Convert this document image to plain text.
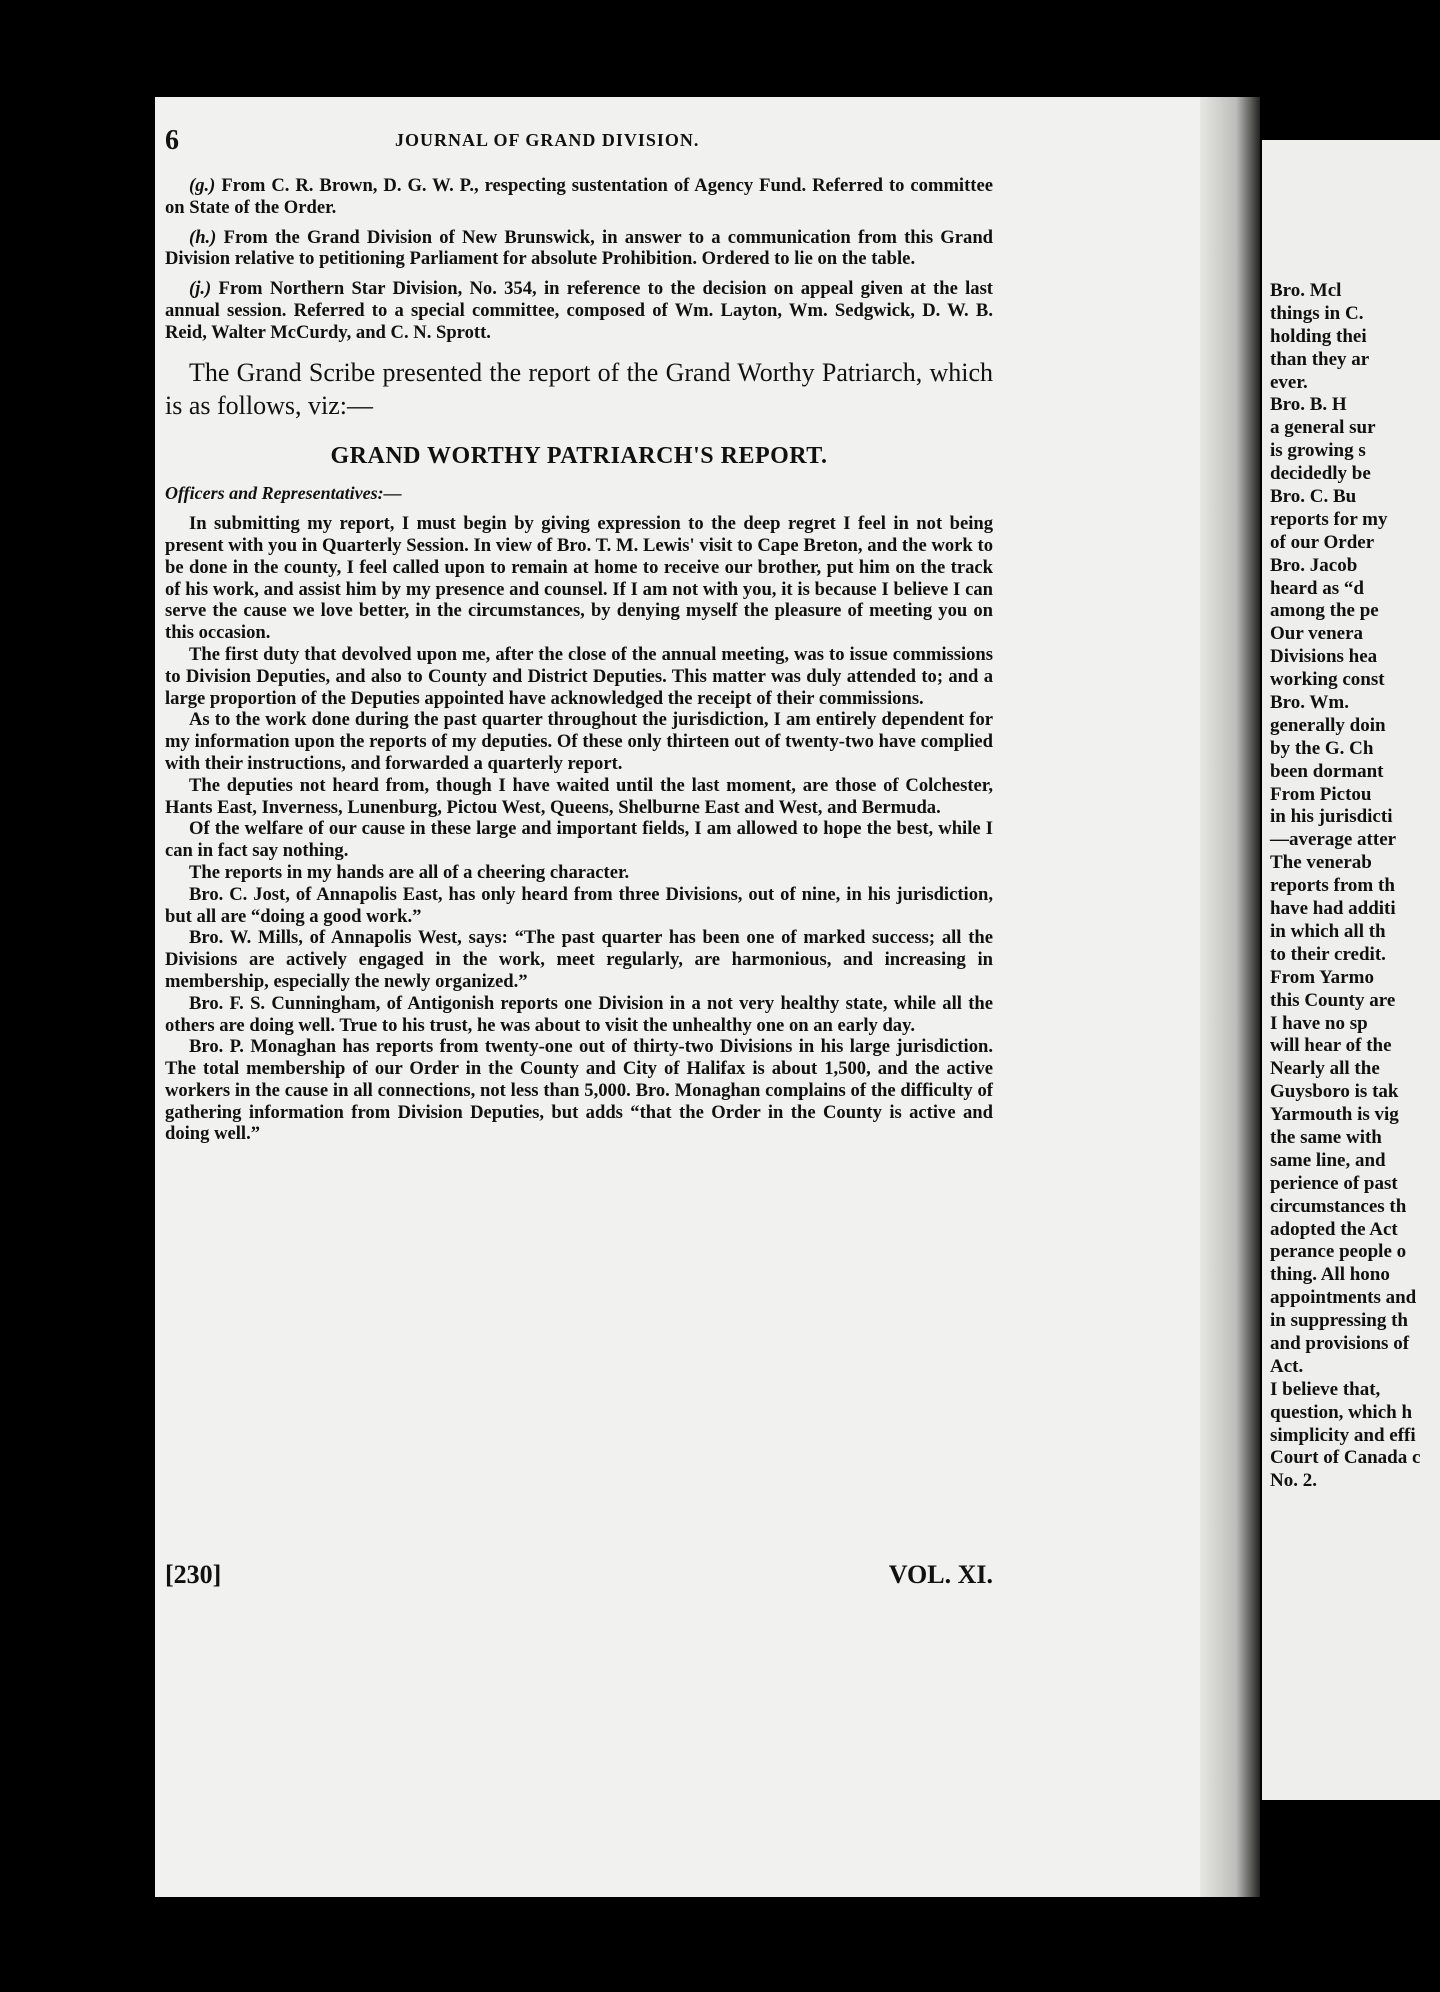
6	JOURNAL OF GRAND DIVISION.

(g.) From C. R. Brown, D. G. W. P., respecting sustentation of Agency Fund. Referred to committee on State of the Order.

(h.) From the Grand Division of New Brunswick, in answer to a communication from this Grand Division relative to petitioning Parliament for absolute Prohibition. Ordered to lie on the table.

(j.) From Northern Star Division, No. 354, in reference to the decision on appeal given at the last annual session. Referred to a special committee, composed of Wm. Layton, Wm. Sedgwick, D. W. B. Reid, Walter McCurdy, and C. N. Sprott.

The Grand Scribe presented the report of the Grand Worthy Patriarch, which is as follows, viz:—

GRAND WORTHY PATRIARCH'S REPORT.
Officers and Representatives:—

In submitting my report, I must begin by giving expression to the deep regret I feel in not being present with you in Quarterly Session. In view of Bro. T. M. Lewis' visit to Cape Breton, and the work to be done in the county, I feel called upon to remain at home to receive our brother, put him on the track of his work, and assist him by my presence and counsel. If I am not with you, it is because I believe I can serve the cause we love better, in the circumstances, by denying myself the pleasure of meeting you on this occasion.

The first duty that devolved upon me, after the close of the annual meeting, was to issue commissions to Division Deputies, and also to County and District Deputies. This matter was duly attended to; and a large proportion of the Deputies appointed have acknowledged the receipt of their commissions.

As to the work done during the past quarter throughout the jurisdiction, I am entirely dependent for my information upon the reports of my deputies. Of these only thirteen out of twenty-two have complied with their instructions, and forwarded a quarterly report.

The deputies not heard from, though I have waited until the last moment, are those of Colchester, Hants East, Inverness, Lunenburg, Pictou West, Queens, Shelburne East and West, and Bermuda.

Of the welfare of our cause in these large and important fields, I am allowed to hope the best, while I can in fact say nothing.

The reports in my hands are all of a cheering character.

Bro. C. Jost, of Annapolis East, has only heard from three Divisions, out of nine, in his jurisdiction, but all are “doing a good work.”

Bro. W. Mills, of Annapolis West, says: “The past quarter has been one of marked success; all the Divisions are actively engaged in the work, meet regularly, are harmonious, and increasing in membership, especially the newly organized.”

Bro. F. S. Cunningham, of Antigonish reports one Division in a not very healthy state, while all the others are doing well. True to his trust, he was about to visit the unhealthy one on an early day.

Bro. P. Monaghan has reports from twenty-one out of thirty-two Divisions in his large jurisdiction. The total membership of our Order in the County and City of Halifax is about 1,500, and the active workers in the cause in all connections, not less than 5,000. Bro. Monaghan complains of the difficulty of gathering information from Division Deputies, but adds “that the Order in the County is active and doing well.”

[230]	VOL. XI.
Bro. Mcl
things in C.
holding thei
than they ar
ever.
Bro. B. H
a general sur
is growing s
decidedly be
Bro. C. Bu
reports for my
of our Order
Bro. Jacob
heard as “d
among the pe
Our venera
Divisions hea
working const
Bro. Wm.
generally doin
by the G. Ch
been dormant
From Pictou
in his jurisdicti
—average atter
The venerab
reports from th
have had additi
in which all th
to their credit.
From Yarmo
this County are
I have no sp
will hear of the
Nearly all the
Guysboro is tak
Yarmouth is vig
the same with
same line, and
perience of past
circumstances th
adopted the Act
perance people o
thing. All hono
appointments and
in suppressing th
and provisions of
Act.
I believe that,
question, which h
simplicity and effi
Court of Canada c
No. 2.
